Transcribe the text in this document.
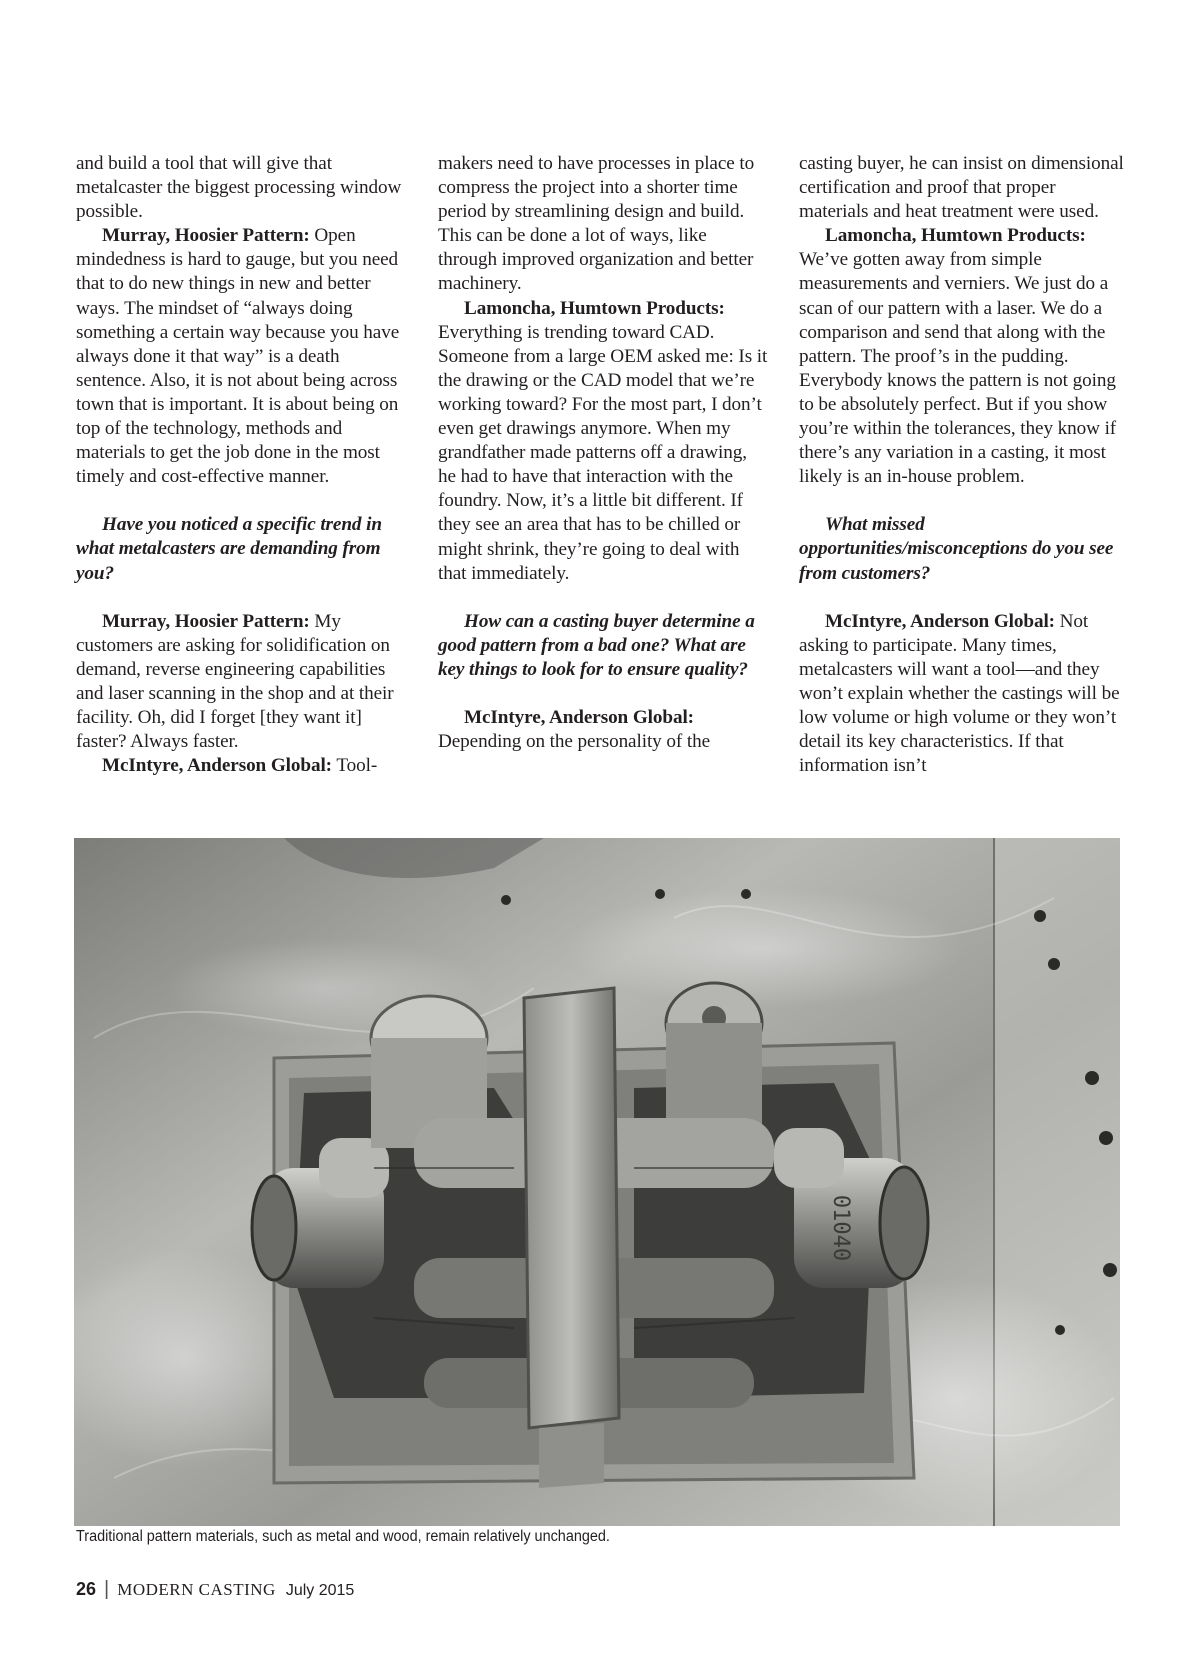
and build a tool that will give that metalcaster the biggest processing window possible.

Murray, Hoosier Pattern: Open mindedness is hard to gauge, but you need that to do new things in new and better ways. The mindset of “always doing something a certain way because you have always done it that way” is a death sentence. Also, it is not about being across town that is important. It is about being on top of the technology, methods and materials to get the job done in the most timely and cost-effective manner.

Have you noticed a specific trend in what metalcasters are demanding from you?

Murray, Hoosier Pattern: My customers are asking for solidification on demand, reverse engineering capabilities and laser scanning in the shop and at their facility. Oh, did I forget [they want it] faster? Always faster.

McIntyre, Anderson Global: Tool-

makers need to have processes in place to compress the project into a shorter time period by streamlining design and build. This can be done a lot of ways, like through improved organization and better machinery.

Lamoncha, Humtown Products: Everything is trending toward CAD. Someone from a large OEM asked me: Is it the drawing or the CAD model that we’re working toward? For the most part, I don’t even get drawings anymore. When my grandfather made patterns off a drawing, he had to have that interaction with the foundry. Now, it’s a little bit different. If they see an area that has to be chilled or might shrink, they’re going to deal with that immediately.

How can a casting buyer determine a good pattern from a bad one? What are key things to look for to ensure quality?

McIntyre, Anderson Global: Depending on the personality of the

casting buyer, he can insist on dimensional certification and proof that proper materials and heat treatment were used.

Lamoncha, Humtown Products: We’ve gotten away from simple measurements and verniers. We just do a scan of our pattern with a laser. We do a comparison and send that along with the pattern. The proof’s in the pudding. Everybody knows the pattern is not going to be absolutely perfect. But if you show you’re within the tolerances, they know if there’s any variation in a casting, it most likely is an in-house problem.

What missed opportunities/misconceptions do you see from customers?

McIntyre, Anderson Global: Not asking to participate. Many times, metalcasters will want a tool—and they won’t explain whether the castings will be low volume or high volume or they won’t detail its key characteristics. If that information isn’t

01040
Traditional pattern materials, such as metal and wood, remain relatively unchanged.
26 | MODERN CASTING July 2015
